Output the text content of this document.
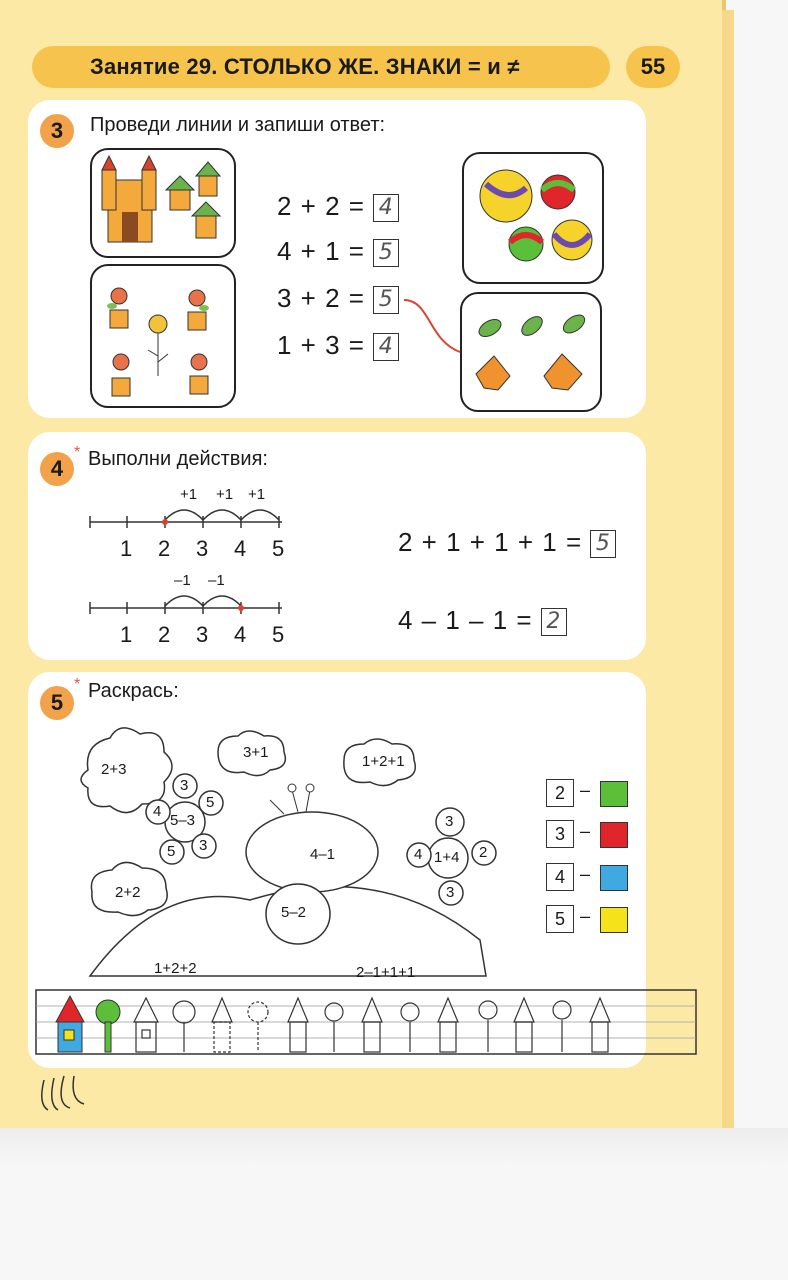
Занятие 29. СТОЛЬКО ЖЕ. ЗНАКИ = и ≠	55
3	Проведи линии и запиши ответ:
2 + 2 = 4
4 + 1 = 5
3 + 2 = 5
1 + 3 = 4
4
* Выполни действия:
+1 +1 +1
1 2 3 4 5
–1 –1
1 2 3 4 5
2 + 1 + 1 + 1 = 5
4 – 1 – 1 = 2
5
* Раскрась:
2+3
3+1
1+2+1
2+2
5–3
3
4
5
5 3
4–1
5–2
1+4
3
4	2
3
1+2+2	2–1+1+1
2 –
3 –
4 –
5 –
